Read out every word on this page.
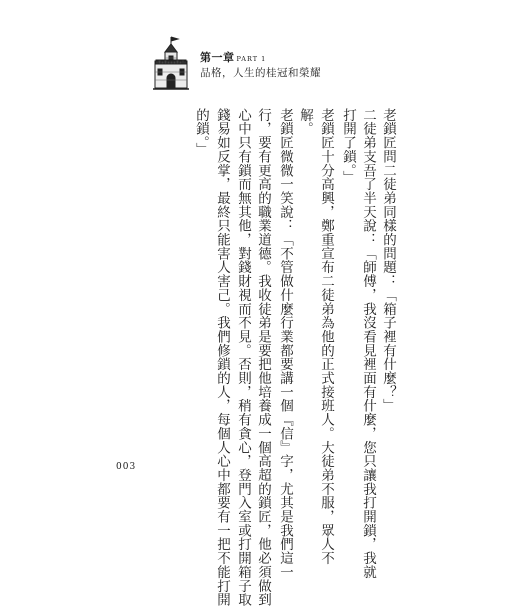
第一章 PART 1
品格，人生的桂冠和榮耀
老鎖匠問二徒弟同樣的問題：「箱子裡有什麼？」
二徒弟支吾了半天說：「師傅，我沒看見裡面有什麼，您只讓我打開鎖，我就
打開了鎖。」
老鎖匠十分高興，鄭重宣布二徒弟為他的正式接班人。大徒弟不服，眾人不
解。
老鎖匠微微一笑說：「不管做什麼行業都要講一個『信』字，尤其是我們這一
行，要有更高的職業道德。我收徒弟是要把他培養成一個高超的鎖匠，他必須做到
心中只有鎖而無其他，對錢財視而不見。否則，稍有貪心，登門入室或打開箱子取
錢易如反掌，最終只能害人害己。我們修鎖的人，每個人心中都要有一把不能打開
的鎖。」
003
